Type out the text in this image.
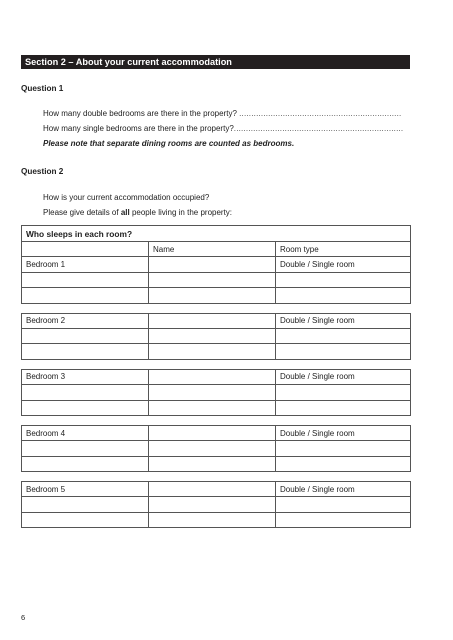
Section 2 – About your current accommodation
Question 1
How many double bedrooms are there in the property? ...................................................................
How many single bedrooms are there in the property?......................................................................
Please note that separate dining rooms are counted as bedrooms.
Question 2
How is your current accommodation occupied?
Please give details of all people living in the property:
Who sleeps in each room?		
	Name	Room type
Bedroom 1		Double / Single room

Bedroom 2		Double / Single room

Bedroom 3		Double / Single room

Bedroom 4		Double / Single room

Bedroom 5		Double / Single room

6
